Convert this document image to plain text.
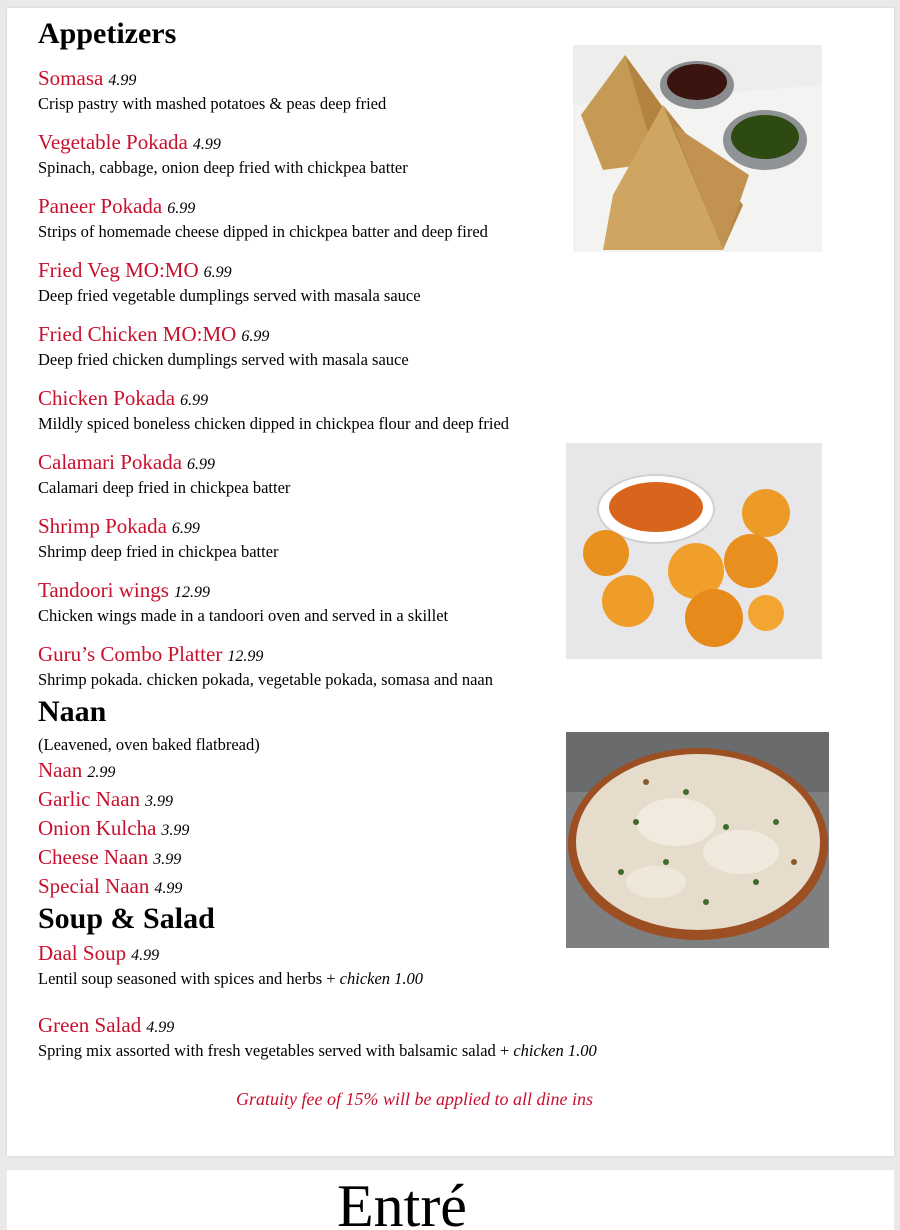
Appetizers
Somasa 4.99
Crisp pastry with mashed potatoes & peas deep fried
Vegetable Pokada 4.99
Spinach, cabbage, onion deep fried with chickpea batter
Paneer Pokada 6.99
Strips of homemade cheese dipped in chickpea batter and deep fired
Fried Veg MO:MO 6.99
Deep fried vegetable dumplings served with masala sauce
Fried Chicken MO:MO 6.99
Deep fried chicken dumplings served with masala sauce
Chicken Pokada 6.99
Mildly spiced boneless chicken dipped in chickpea flour and deep fried
Calamari Pokada 6.99
Calamari deep fried in chickpea batter
Shrimp Pokada 6.99
Shrimp deep fried in chickpea batter
Tandoori wings 12.99
Chicken wings made in a tandoori oven and served in a skillet
Guru’s Combo Platter 12.99
Shrimp pokada. chicken pokada, vegetable pokada, somasa and naan
Naan
(Leavened, oven baked flatbread)
Naan 2.99
Garlic Naan 3.99
Onion Kulcha 3.99
Cheese Naan 3.99
Special Naan 4.99
Soup & Salad
Daal Soup 4.99
Lentil soup seasoned with spices and herbs + chicken 1.00
Green Salad 4.99
Spring mix assorted with fresh vegetables served with balsamic salad + chicken 1.00
Gratuity fee of 15% will be applied to all dine ins
Entré
